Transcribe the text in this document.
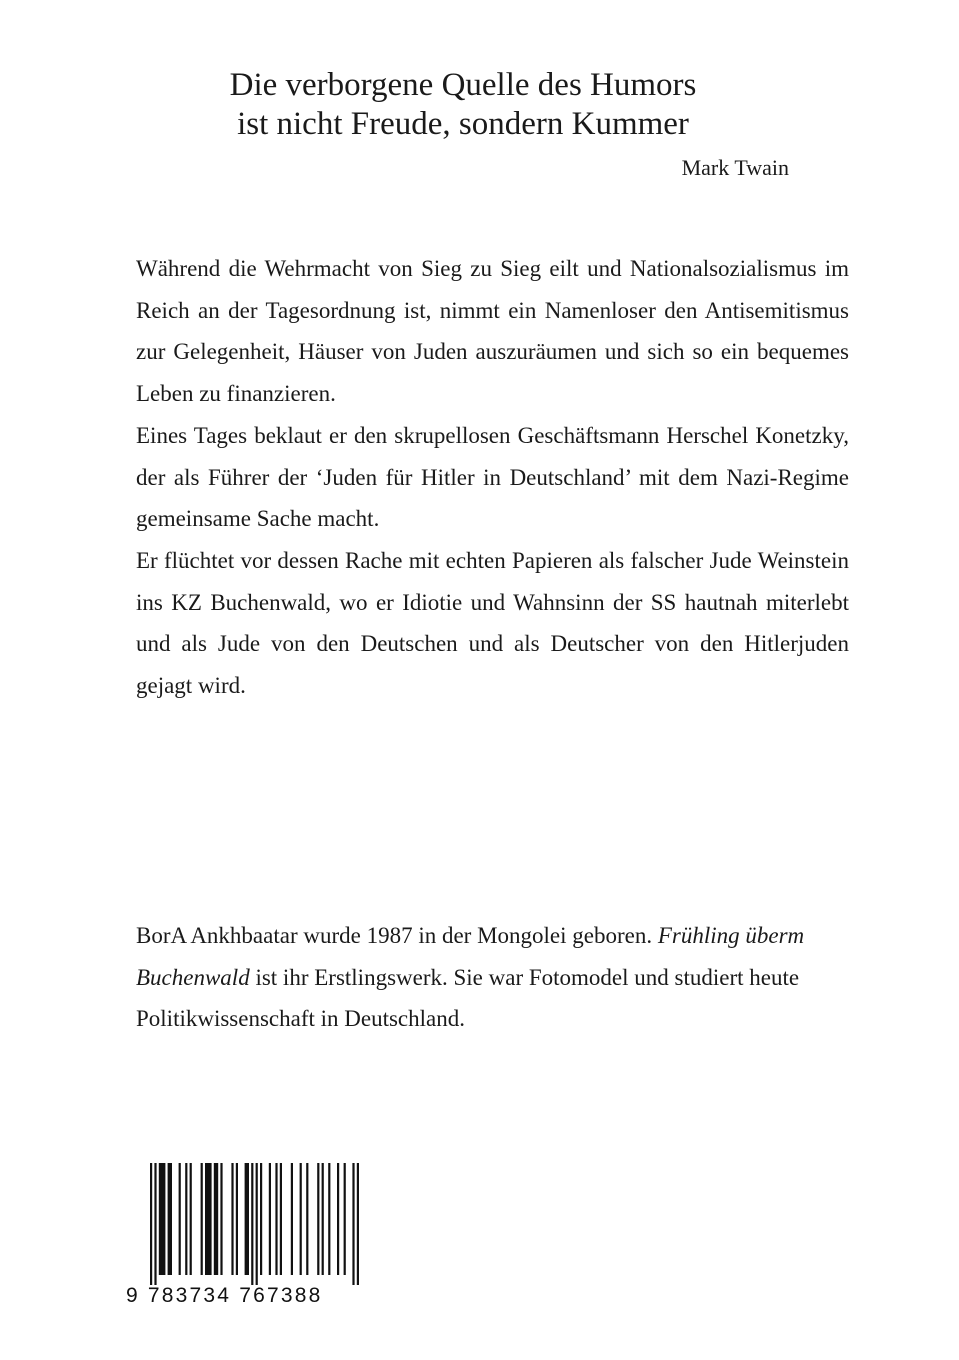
Die verborgene Quelle des Humors
ist nicht Freude, sondern Kummer
Mark Twain

Während die Wehrmacht von Sieg zu Sieg eilt und Nationalsozialismus im Reich an der Tagesordnung ist, nimmt ein Namenloser den Antisemitismus zur Gelegenheit, Häuser von Juden auszuräumen und sich so ein bequemes Leben zu finanzieren.

Eines Tages beklaut er den skrupellosen Geschäftsmann Herschel Konetzky, der als Führer der ‘Juden für Hitler in Deutschland’ mit dem Nazi-Regime gemeinsame Sache macht.

Er flüchtet vor dessen Rache mit echten Papieren als falscher Jude Weinstein ins KZ Buchenwald, wo er Idiotie und Wahnsinn der SS hautnah miterlebt und als Jude von den Deutschen und als Deutscher von den Hitlerjuden gejagt wird.

BorA Ankhbaatar wurde 1987 in der Mongolei geboren. Frühling überm Buchenwald ist ihr Erstlingswerk. Sie war Fotomodel und studiert heute Politikwissenschaft in Deutschland.

9 783734 767388
